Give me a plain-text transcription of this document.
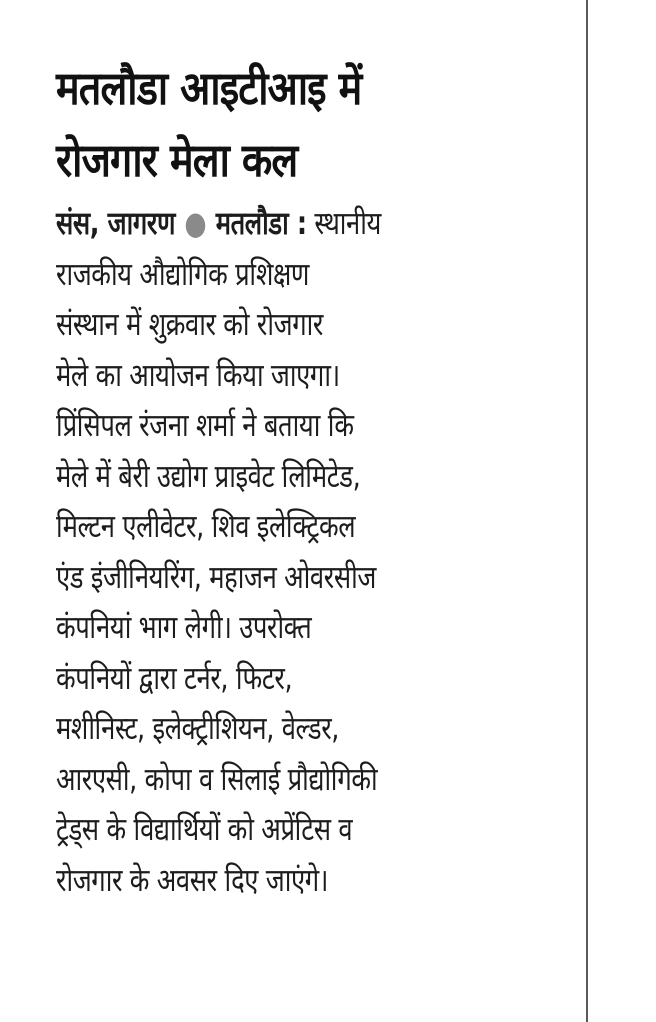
मतलौडा आइटीआइ में
रोजगार मेला कल
संस, जागरण ● मतलौडा : स्थानीय
राजकीय औद्योगिक प्रशिक्षण
संस्थान में शुक्रवार को रोजगार
मेले का आयोजन किया जाएगा।
प्रिंसिपल रंजना शर्मा ने बताया कि
मेले में बेरी उद्योग प्राइवेट लिमिटेड,
मिल्टन एलीवेटर, शिव इलेक्ट्रिकल
एंड इंजीनियरिंग, महाजन ओवरसीज
कंपनियां भाग लेगी। उपरोक्त
कंपनियों द्वारा टर्नर, फिटर,
मशीनिस्ट, इलेक्ट्रीशियन, वेल्डर,
आरएसी, कोपा व सिलाई प्रौद्योगिकी
ट्रेड्स के विद्यार्थियों को अप्रेंटिस व
रोजगार के अवसर दिए जाएंगे।
